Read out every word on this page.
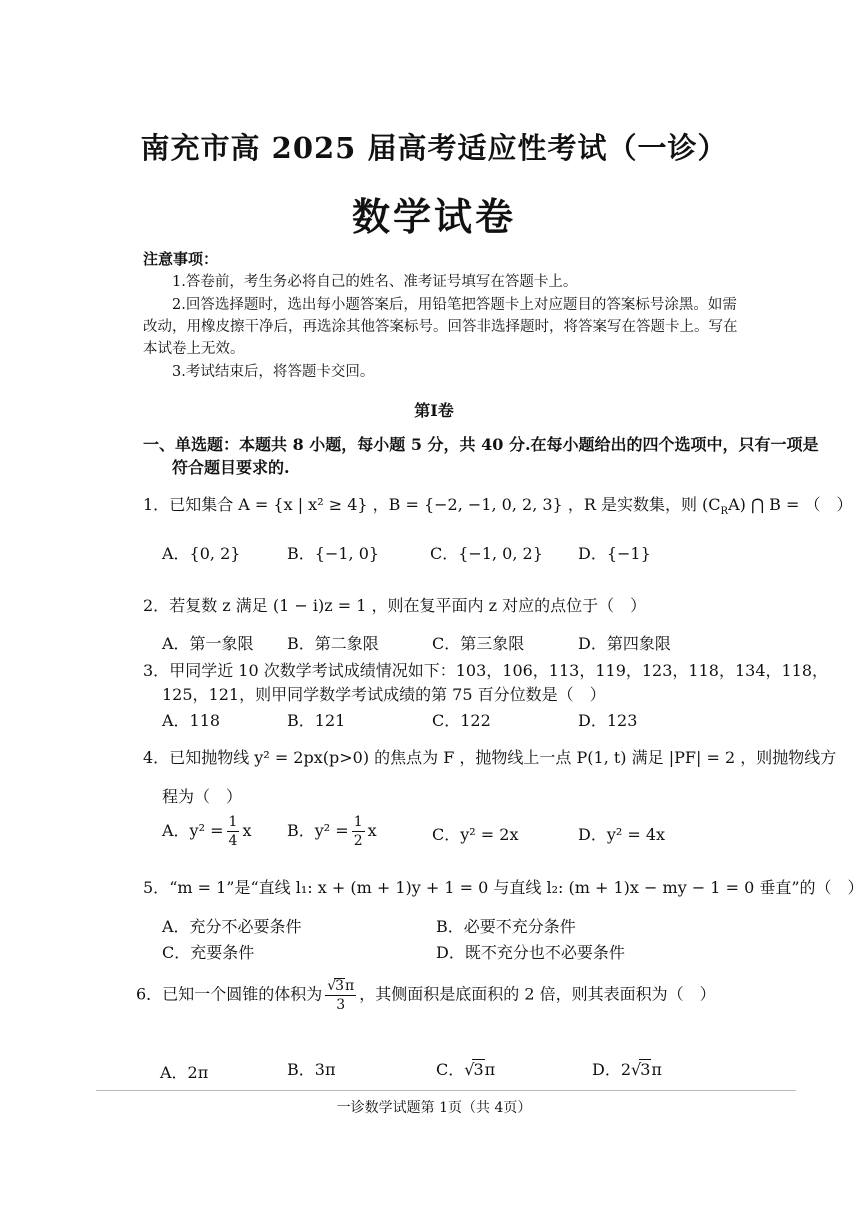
南充市高 2025 届高考适应性考试（一诊）
数学试卷
注意事项：
1.答卷前，考生务必将自己的姓名、准考证号填写在答题卡上。
2.回答选择题时，选出每小题答案后，用铅笔把答题卡上对应题目的答案标号涂黑。如需
改动，用橡皮擦干净后，再选涂其他答案标号。回答非选择题时，将答案写在答题卡上。写在
本试卷上无效。
3.考试结束后，将答题卡交回。
第Ⅰ卷
一、单选题：本题共 8 小题，每小题 5 分，共 40 分.在每小题给出的四个选项中，只有一项是
符合题目要求的.
1．已知集合 A = {x | x² ≥ 4} ，B = {−2, −1, 0, 2, 3} ，R 是实数集，则 $(C_RA)$ ⋂ B = （　）
A．{0, 2}	B．{−1, 0}	C．{−1, 0, 2} D．{−1}
2．若复数 z 满足 (1 − i)z = 1 ，则在复平面内 z 对应的点位于（　）
A．第一象限 B．第二象限	C．第三象限	D．第四象限
3．甲同学近 10 次数学考试成绩情况如下：103，106，113，119，123，118，134，118，
125，121，则甲同学数学考试成绩的第 75 百分位数是（　）
A．118	B．121	C．122	D．123
4．已知抛物线 y² = 2px(p>0) 的焦点为 F ，抛物线上一点 P(1, t) 满足 |PF| = 2 ，则抛物线方
程为（　）
A．$y^2 = \frac{1}{4}$ x B．$y^2 = \frac{1}{2}$ x	C．y² = 2x	D．y² = 4x
5．“m = 1”是“直线 l₁: x + (m + 1)y + 1 = 0 与直线 l₂: (m + 1)x − my − 1 = 0 垂直”的（　）
A．充分不必要条件	B．必要不充分条件
C．充要条件	D．既不充分也不必要条件
6．已知一个圆锥的体积为 $\frac{√3\pi}{3}$ ，其侧面积是底面积的 2 倍，则其表面积为（　）
A．2π	B．3π	C．√3π	D．2√3π
一诊数学试题第 1页（共 4页）
